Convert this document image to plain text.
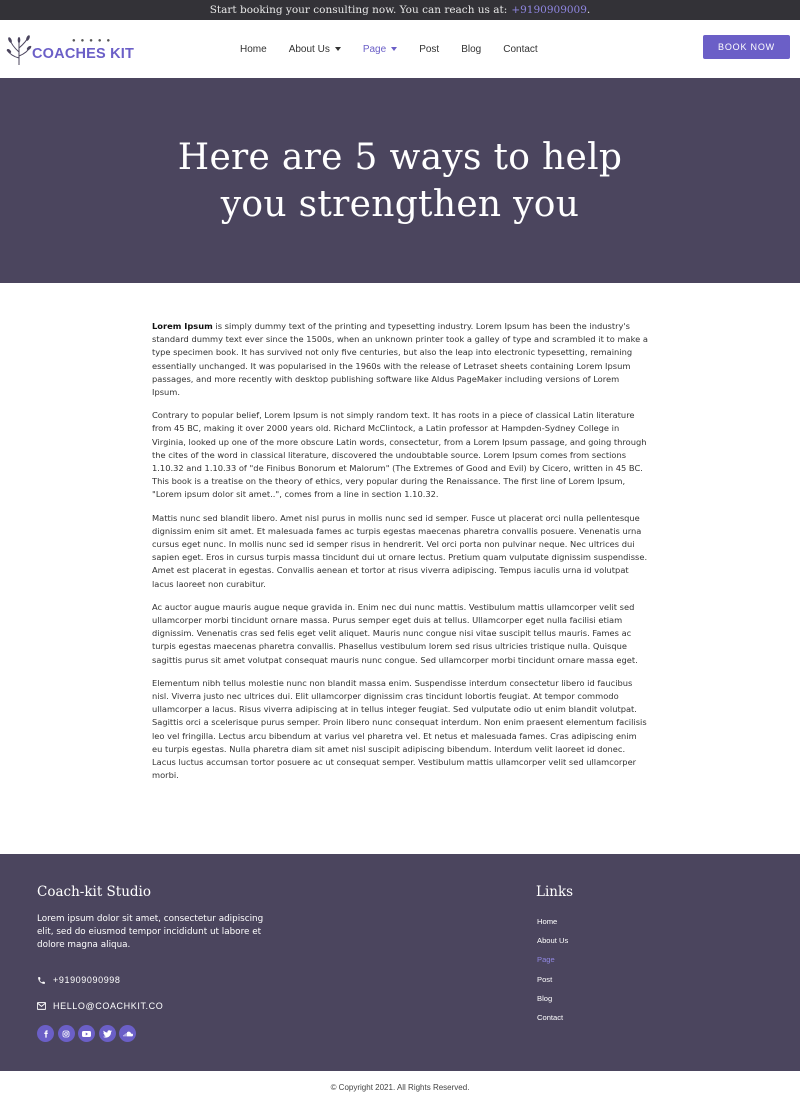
Start booking your consulting now. You can reach us at: +9190909009 .
●●●●●
COACHES KIT	Home About Us	Page	Post Blog Contact	BOOK NOW
Here are 5 ways to help you strengthen you

Lorem Ipsum is simply dummy text of the printing and typesetting industry. Lorem Ipsum has been the industry's standard dummy text ever since the 1500s, when an unknown printer took a galley of type and scrambled it to make a type specimen book. It has survived not only five centuries, but also the leap into electronic typesetting, remaining essentially unchanged. It was popularised in the 1960s with the release of Letraset sheets containing Lorem Ipsum passages, and more recently with desktop publishing software like Aldus PageMaker including versions of Lorem Ipsum.

Contrary to popular belief, Lorem Ipsum is not simply random text. It has roots in a piece of classical Latin literature from 45 BC, making it over 2000 years old. Richard McClintock, a Latin professor at Hampden-Sydney College in Virginia, looked up one of the more obscure Latin words, consectetur, from a Lorem Ipsum passage, and going through the cites of the word in classical literature, discovered the undoubtable source. Lorem Ipsum comes from sections 1.10.32 and 1.10.33 of "de Finibus Bonorum et Malorum" (The Extremes of Good and Evil) by Cicero, written in 45 BC. This book is a treatise on the theory of ethics, very popular during the Renaissance. The first line of Lorem Ipsum, "Lorem ipsum dolor sit amet..", comes from a line in section 1.10.32.

Mattis nunc sed blandit libero. Amet nisl purus in mollis nunc sed id semper. Fusce ut placerat orci nulla pellentesque dignissim enim sit amet. Et malesuada fames ac turpis egestas maecenas pharetra convallis posuere. Venenatis urna cursus eget nunc. In mollis nunc sed id semper risus in hendrerit. Vel orci porta non pulvinar neque. Nec ultrices dui sapien eget. Eros in cursus turpis massa tincidunt dui ut ornare lectus. Pretium quam vulputate dignissim suspendisse. Amet est placerat in egestas. Convallis aenean et tortor at risus viverra adipiscing. Tempus iaculis urna id volutpat lacus laoreet non curabitur.

Ac auctor augue mauris augue neque gravida in. Enim nec dui nunc mattis. Vestibulum mattis ullamcorper velit sed ullamcorper morbi tincidunt ornare massa. Purus semper eget duis at tellus. Ullamcorper eget nulla facilisi etiam dignissim. Venenatis cras sed felis eget velit aliquet. Mauris nunc congue nisi vitae suscipit tellus mauris. Fames ac turpis egestas maecenas pharetra convallis. Phasellus vestibulum lorem sed risus ultricies tristique nulla. Quisque sagittis purus sit amet volutpat consequat mauris nunc congue. Sed ullamcorper morbi tincidunt ornare massa eget.

Elementum nibh tellus molestie nunc non blandit massa enim. Suspendisse interdum consectetur libero id faucibus nisl. Viverra justo nec ultrices dui. Elit ullamcorper dignissim cras tincidunt lobortis feugiat. At tempor commodo ullamcorper a lacus. Risus viverra adipiscing at in tellus integer feugiat. Sed vulputate odio ut enim blandit volutpat. Sagittis orci a scelerisque purus semper. Proin libero nunc consequat interdum. Non enim praesent elementum facilisis leo vel fringilla. Lectus arcu bibendum at varius vel pharetra vel. Et netus et malesuada fames. Cras adipiscing enim eu turpis egestas. Nulla pharetra diam sit amet nisl suscipit adipiscing bibendum. Interdum velit laoreet id donec. Lacus luctus accumsan tortor posuere ac ut consequat semper. Vestibulum mattis ullamcorper velit sed ullamcorper morbi.

Coach-kit Studio
Lorem ipsum dolor sit amet, consectetur adipiscing elit, sed do eiusmod tempor incididunt ut labore et dolore magna aliqua.
+91909090998
HELLO@COACHKIT.CO
Links
Home
About Us
Page
Post
Blog
Contact
© Copyright 2021. All Rights Reserved.
